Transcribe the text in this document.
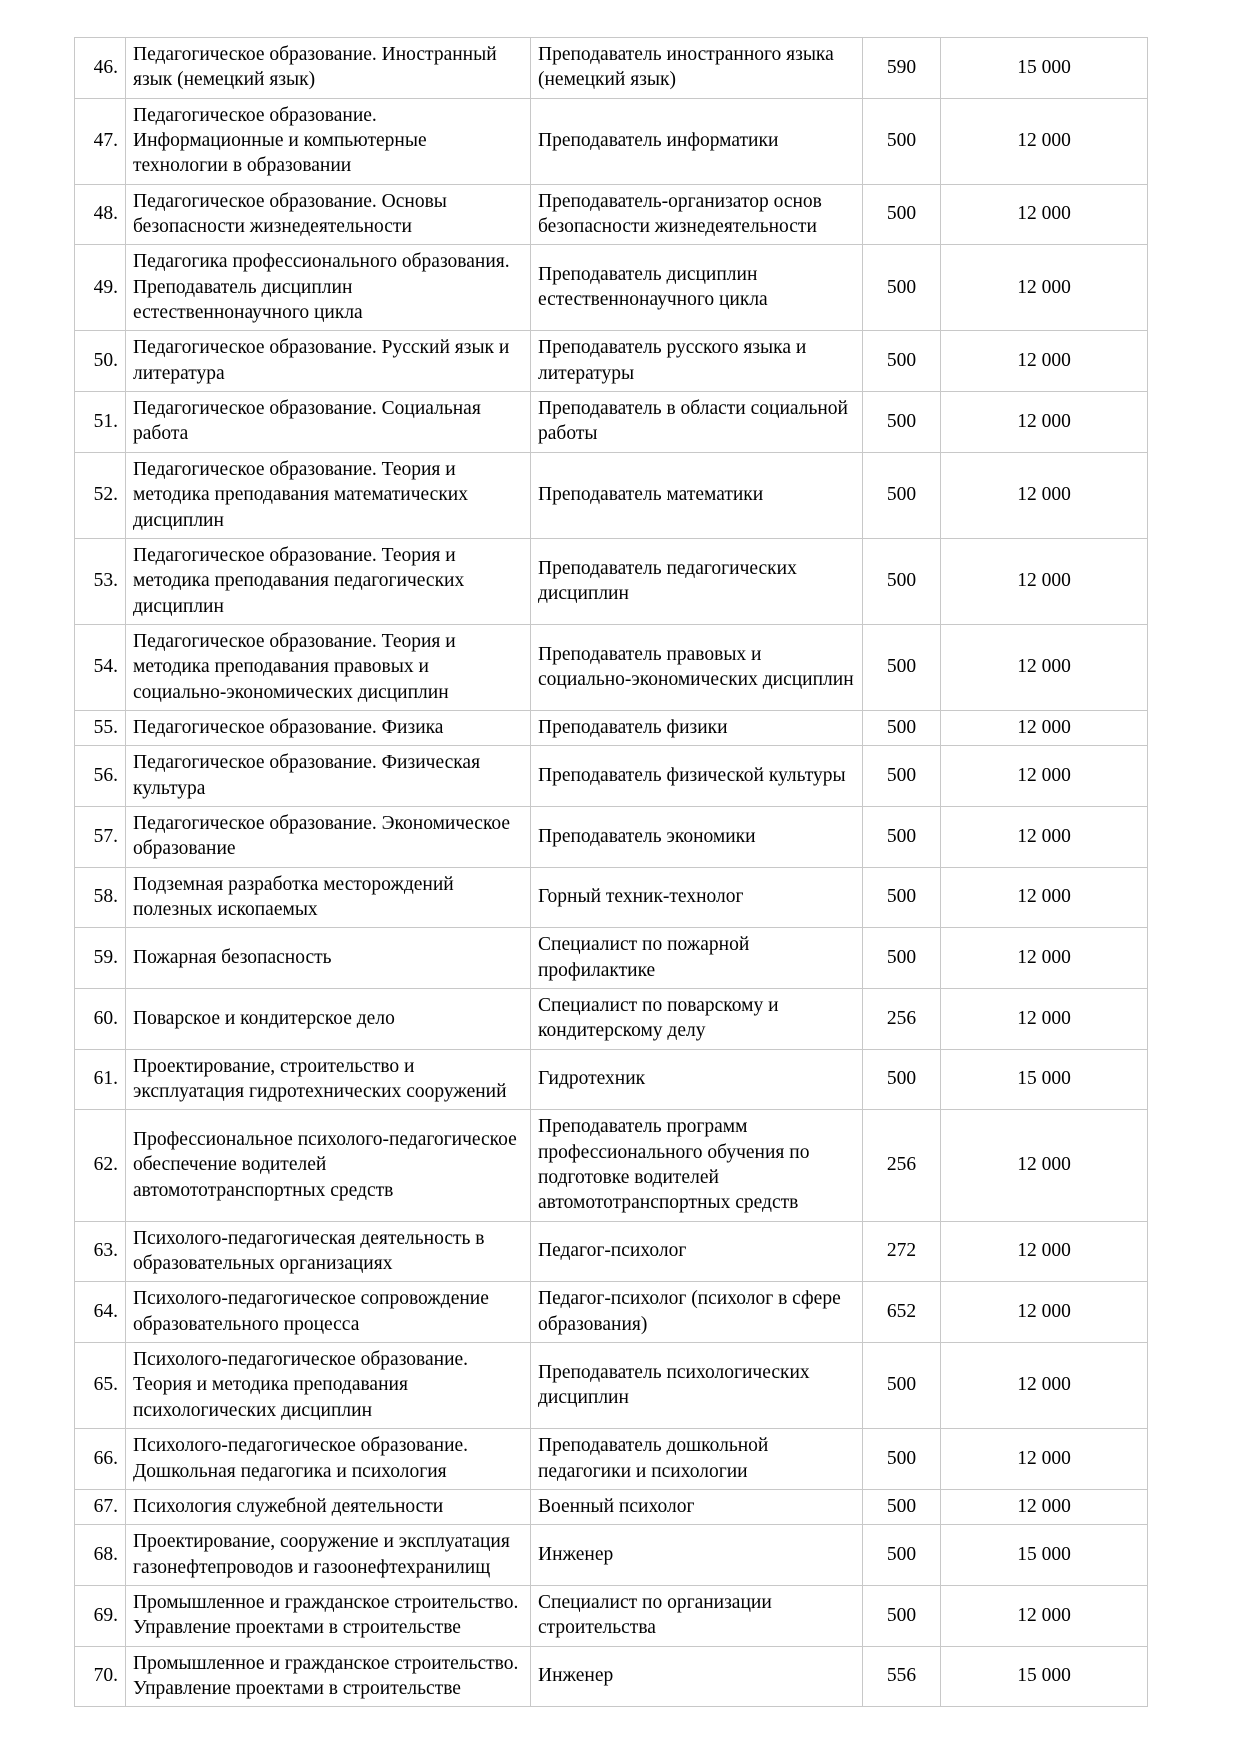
46.	Педагогическое образование. Иностранный язык (немецкий язык)	Преподаватель иностранного языка (немецкий язык)	590	15 000
47.	Педагогическое образование. Информационные и компьютерные технологии в образовании	Преподаватель информатики	500	12 000
48.	Педагогическое образование. Основы безопасности жизнедеятельности	Преподаватель-организатор основ безопасности жизнедеятельности	500	12 000
49.	Педагогика профессионального образования. Преподаватель дисциплин естественнонаучного цикла	Преподаватель дисциплин естественнонаучного цикла	500	12 000
50.	Педагогическое образование. Русский язык и литература	Преподаватель русского языка и литературы	500	12 000
51.	Педагогическое образование. Социальная работа	Преподаватель в области социальной работы	500	12 000
52.	Педагогическое образование. Теория и методика преподавания математических дисциплин	Преподаватель математики	500	12 000
53.	Педагогическое образование. Теория и методика преподавания педагогических дисциплин	Преподаватель педагогических дисциплин	500	12 000
54.	Педагогическое образование. Теория и методика преподавания правовых и социально-экономических дисциплин	Преподаватель правовых и социально-экономических дисциплин	500	12 000
55.	Педагогическое образование. Физика	Преподаватель физики	500	12 000
56.	Педагогическое образование. Физическая культура	Преподаватель физической культуры	500	12 000
57.	Педагогическое образование. Экономическое образование	Преподаватель экономики	500	12 000
58.	Подземная разработка месторождений полезных ископаемых	Горный техник-технолог	500	12 000
59.	Пожарная безопасность	Специалист по пожарной профилактике	500	12 000
60.	Поварское и кондитерское дело	Специалист по поварскому и кондитерскому делу	256	12 000
61.	Проектирование, строительство и эксплуатация гидротехнических сооружений	Гидротехник	500	15 000
62.	Профессиональное психолого-педагогическое обеспечение водителей автомототранспортных средств	Преподаватель программ профессионального обучения по подготовке водителей автомототранспортных средств	256	12 000
63.	Психолого-педагогическая деятельность в образовательных организациях	Педагог-психолог	272	12 000
64.	Психолого-педагогическое сопровождение образовательного процесса	Педагог-психолог (психолог в сфере образования)	652	12 000
65.	Психолого-педагогическое образование. Теория и методика преподавания психологических дисциплин	Преподаватель психологических дисциплин	500	12 000
66.	Психолого-педагогическое образование. Дошкольная педагогика и психология	Преподаватель дошкольной педагогики и психологии	500	12 000
67.	Психология служебной деятельности	Военный психолог	500	12 000
68.	Проектирование, сооружение и эксплуатация газонефтепроводов и газоонефтехранилищ	Инженер	500	15 000
69.	Промышленное и гражданское строительство. Управление проектами в строительстве	Специалист по организации строительства	500	12 000
70.	Промышленное и гражданское строительство. Управление проектами в строительстве	Инженер	556	15 000
